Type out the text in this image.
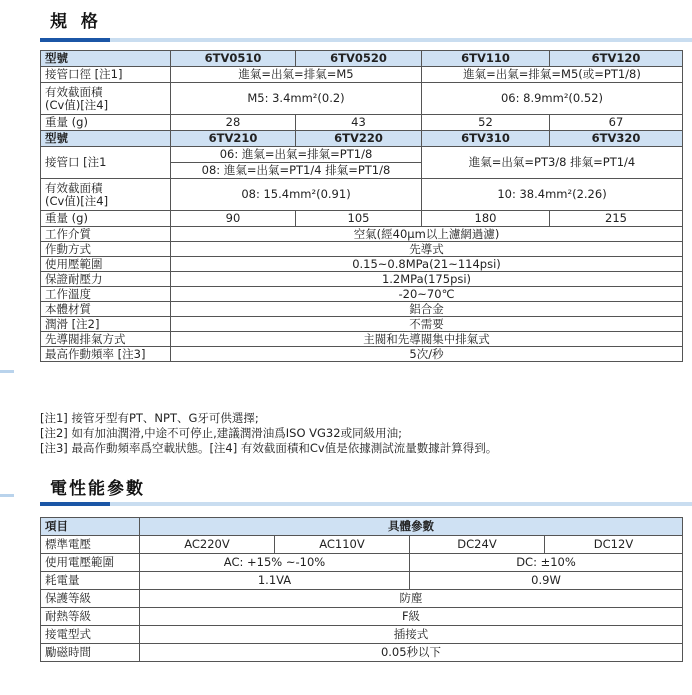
規 格
型號	6TV0510	6TV0520	6TV110	6TV120
接管口徑 [注1]	進氣=出氣=排氣=M5		進氣=出氣=排氣=M5(或=PT1/8)	

有效截面積
(Cv值)[注4]	M5: 3.4mm²(0.2)		06: 8.9mm²(0.52)	
重量 (g)	28	43	52	67
型號	6TV210	6TV220	6TV310	6TV320
接管口 [注1	06: 進氣=出氣=排氣=PT1/8
08: 進氣=出氣=PT1/4 排氣=PT1/8		進氣=出氣=PT3/8 排氣=PT1/4	

有效截面積
(Cv值)[注4]	08: 15.4mm²(0.91)		10: 38.4mm²(2.26)	
重量 (g)	90	105	180	215
工作介質	空氣(經40μm以上濾網過濾)			
作動方式	先導式			
使用壓範圍	0.15~0.8MPa(21~114psi)			
保證耐壓力	1.2MPa(175psi)			
工作溫度	-20~70℃			
本體材質	鋁合金			
潤滑 [注2]	不需要			
先導閥排氣方式	主閥和先導閥集中排氣式			
最高作動頻率 [注3]	5次/秒			
[注1] 接管牙型有PT、NPT、G牙可供選擇;
[注2] 如有加油潤滑,中途不可停止,建議潤滑油爲ISO VG32或同級用油;
[注3] 最高作動頻率爲空載狀態。[注4] 有效截面積和Cv值是依據測試流量數據計算得到。
電性能參數
項目	具體參數			
標準電壓	AC220V	AC110V	DC24V	DC12V
使用電壓範圍	AC: +15% ~-10%		DC: ±10%	
耗電量	1.1VA		0.9W	
保護等級	防塵			
耐熱等級	F級			
接電型式	插接式			
勵磁時間	0.05秒以下			
